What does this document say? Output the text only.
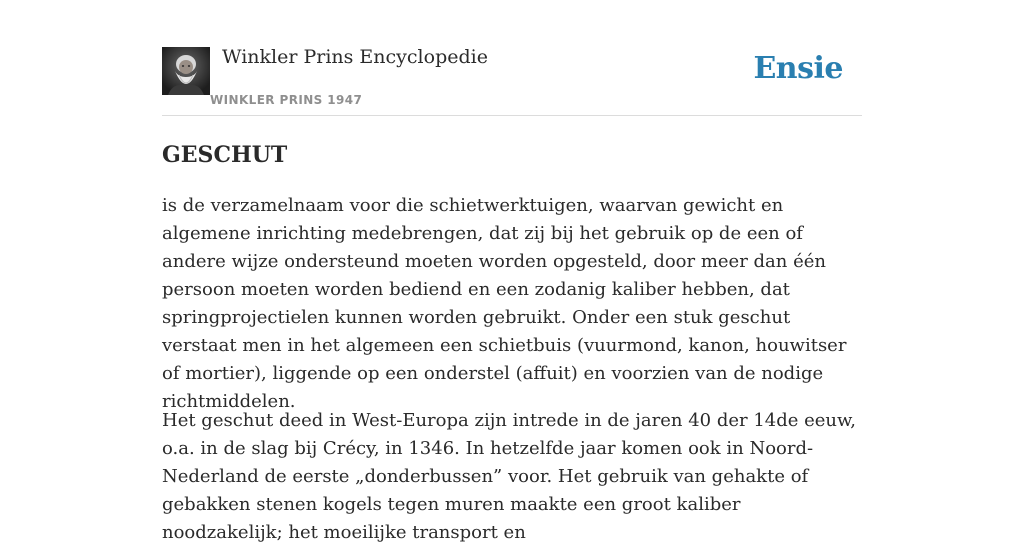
Winkler Prins Encyclopedie
WINKLER PRINS 1947
Ensie
GESCHUT

is de verzamelnaam voor die schietwerktuigen, waarvan gewicht en algemene inrichting medebrengen, dat zij bij het gebruik op de een of andere wijze ondersteund moeten worden opgesteld, door meer dan één persoon moeten worden bediend en een zodanig kaliber hebben, dat springprojectielen kunnen worden gebruikt. Onder een stuk geschut verstaat men in het algemeen een schietbuis (vuurmond, kanon, houwitser of mortier), liggende op een onderstel (affuit) en voorzien van de nodige richtmiddelen.

Het geschut deed in West-Europa zijn intrede in de jaren 40 der 14de eeuw, o.a. in de slag bij Crécy, in 1346. In hetzelfde jaar komen ook in Noord-Nederland de eerste „donderbussen” voor. Het gebruik van gehakte of gebakken stenen kogels tegen muren maakte een groot kaliber noodzakelijk; het moeilijke transport en
